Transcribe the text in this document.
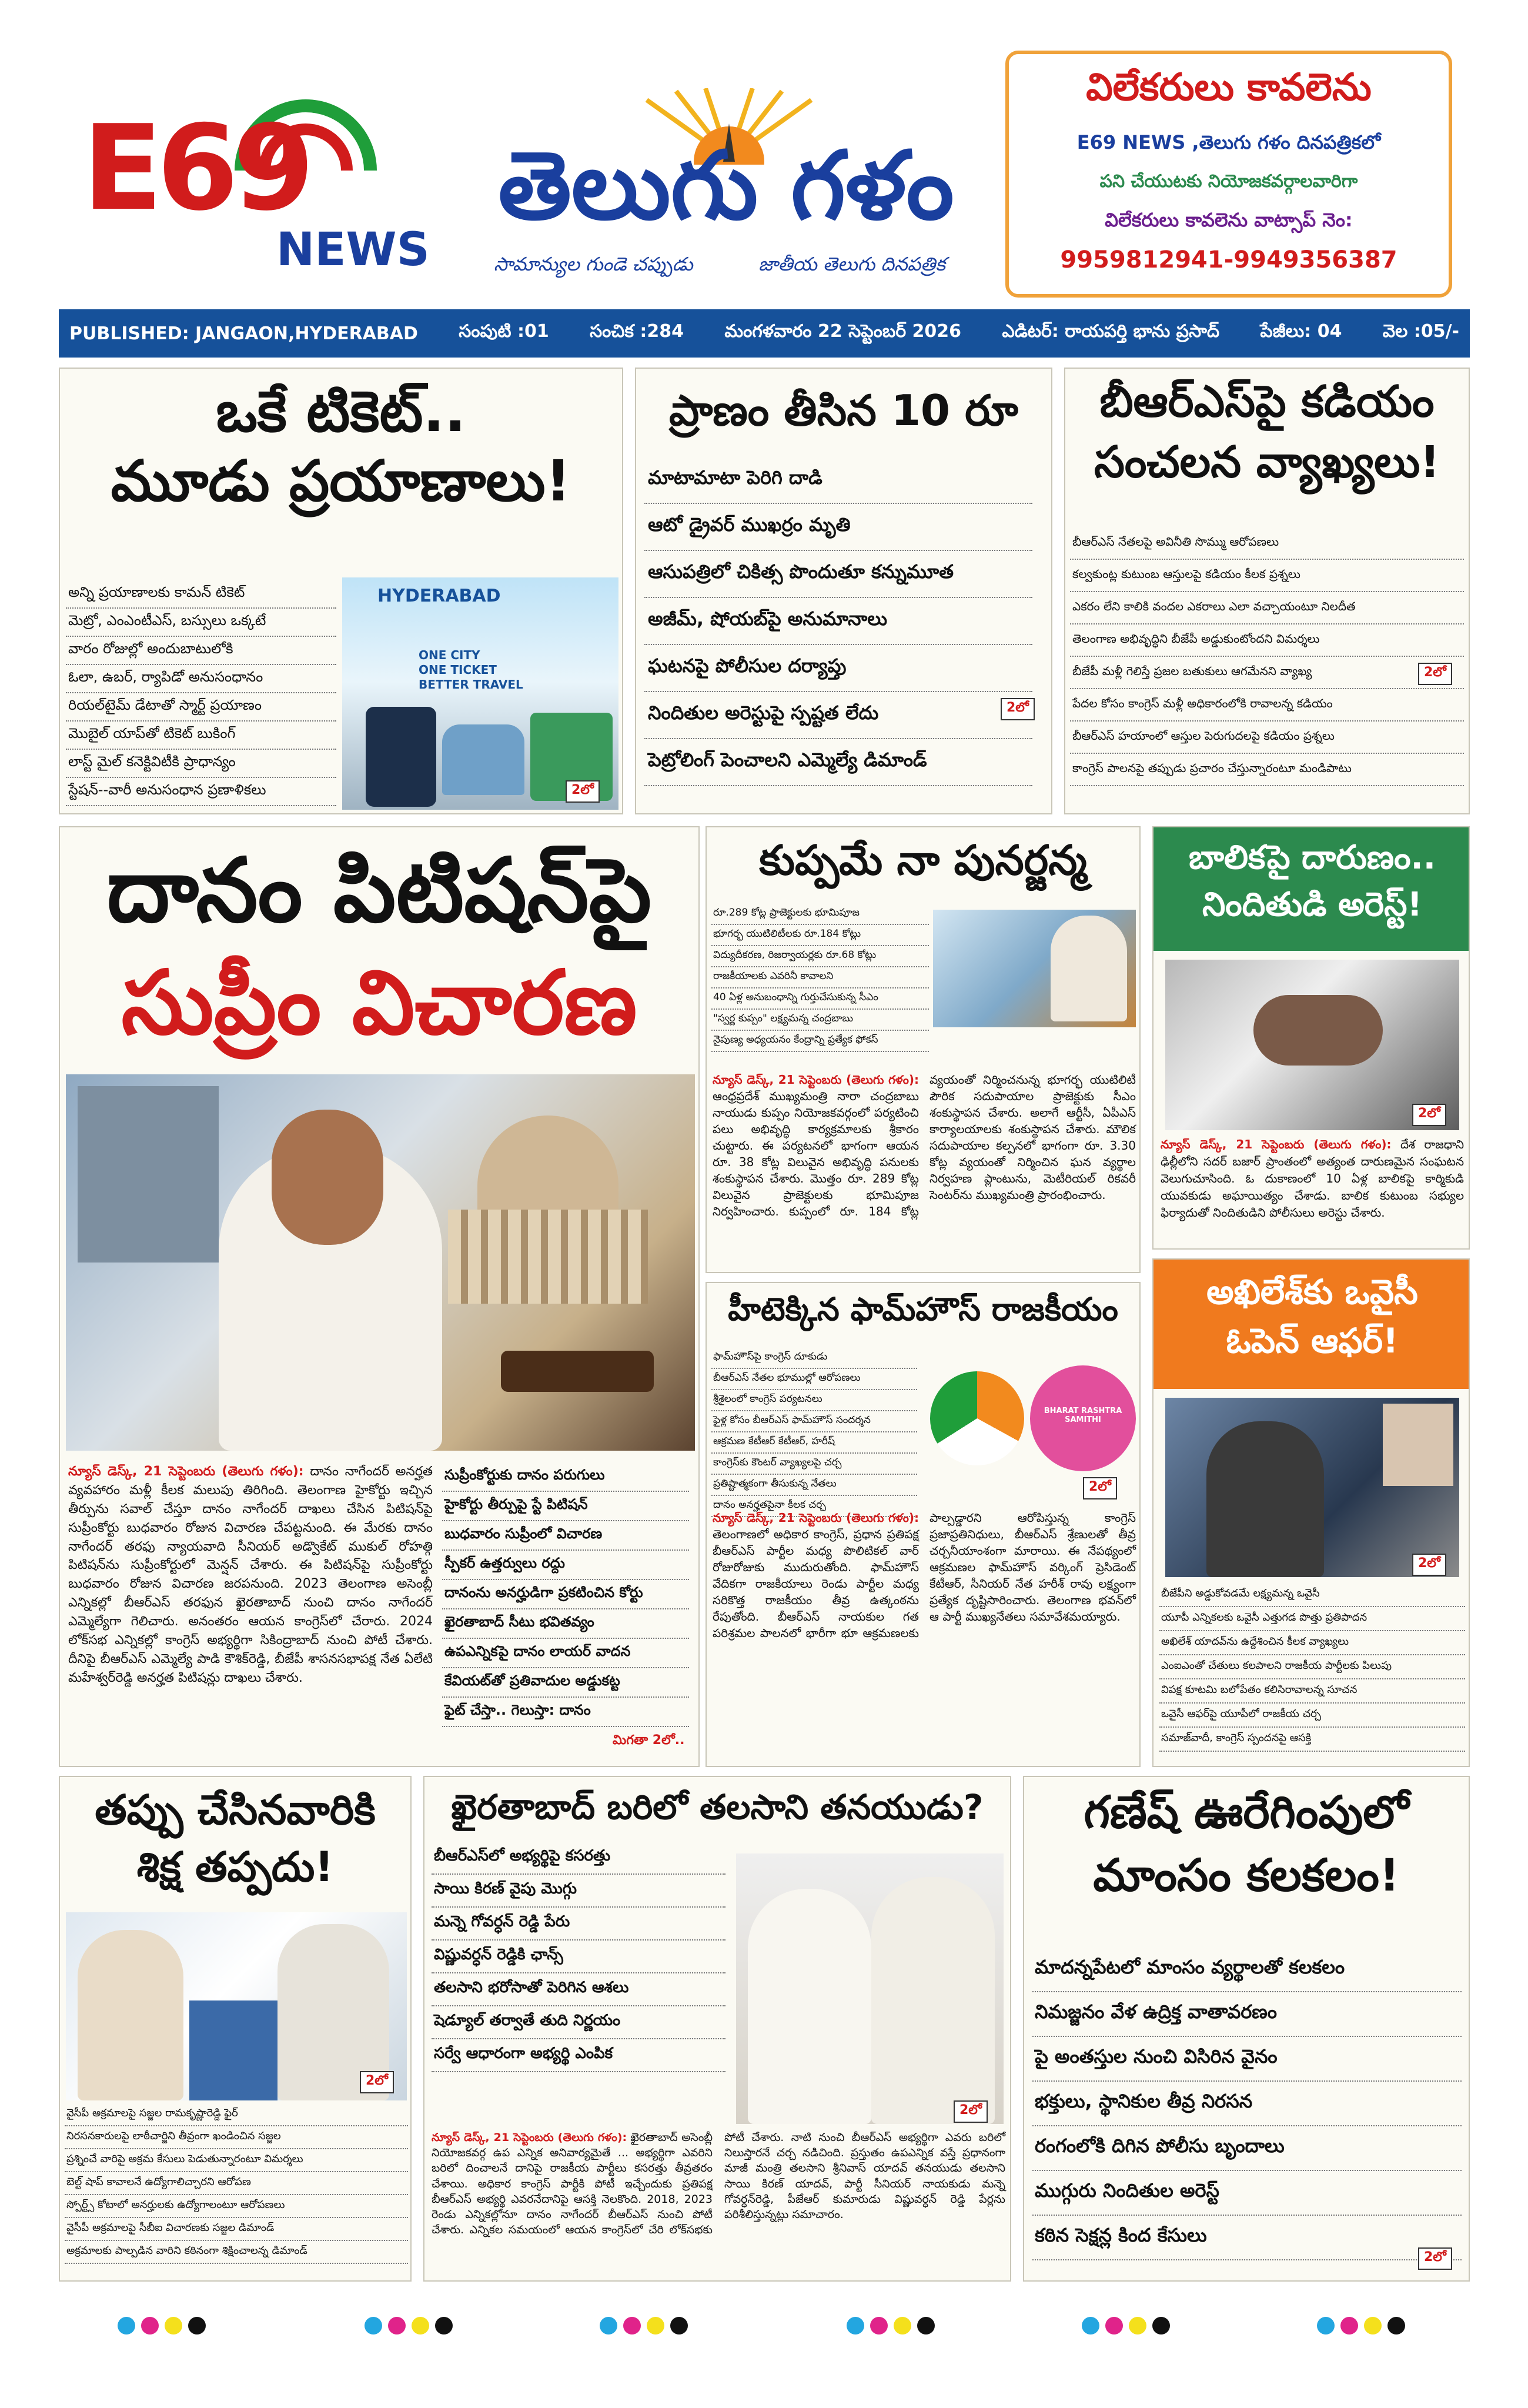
E69
NEWS
తెలుగు గళం
సామాన్యుల గుండె చప్పుడు	జాతీయ తెలుగు దినపత్రిక
విలేకరులు కావలెను
E69 NEWS ,తెలుగు గళం దినపత్రికలో
పని చేయుటకు నియోజకవర్గాలవారిగా
విలేకరులు కావలెను వాట్సాప్ నెం:
9959812941-9949356387
PUBLISHED: JANGAON,HYDERABAD సంపుటి :01 సంచిక :284 మంగళవారం 22 సెప్టెంబర్ 2026 ఎడిటర్: రాయపర్తి భాను ప్రసాద్ పేజీలు: 04 వెల :05/-
ఒకే టికెట్..
మూడు ప్రయాణాలు!
అన్ని ప్రయాణాలకు కామన్ టికెట్
మెట్రో, ఎంఎంటీఎస్, బస్సులు ఒక్కటే
వారం రోజుల్లో అందుబాటులోకి
ఓలా, ఉబర్, ర్యాపిడో అనుసంధానం
రియల్‌టైమ్ డేటాతో స్మార్ట్ ప్రయాణం
మొబైల్ యాప్‌తో టికెట్ బుకింగ్
లాస్ట్ మైల్ కనెక్టివిటీకి ప్రాధాన్యం
స్టేషన్--వారీ అనుసంధాన ప్రణాళికలు
HYDERABAD
ONE CITY
ONE TICKET
BETTER TRAVEL
2లో
ప్రాణం తీసిన 10 రూ
మాటామాటా పెరిగి దాడి
ఆటో డ్రైవర్ ముఖర్రం మృతి
ఆసుపత్రిలో చికిత్స పొందుతూ కన్నుమూత
అజీమ్, షోయబ్‌పై అనుమానాలు
ఘటనపై పోలీసుల దర్యాప్తు
నిందితుల అరెస్టుపై స్పష్టత లేదు
పెట్రోలింగ్ పెంచాలని ఎమ్మెల్యే డిమాండ్
2లో
బీఆర్ఎస్‌పై కడియం
సంచలన వ్యాఖ్యలు!
బీఆర్ఎస్ నేతలపై అవినీతి సొమ్ము ఆరోపణలు
కల్వకుంట్ల కుటుంబ ఆస్తులపై కడియం కీలక ప్రశ్నలు
ఎకరం లేని కాలికి వందల ఎకరాలు ఎలా వచ్చాయంటూ నిలదీత
తెలంగాణ అభివృద్ధిని బీజేపీ అడ్డుకుంటోందని విమర్శలు
బీజేపీ మళ్లీ గెలిస్తే ప్రజల బతుకులు ఆగమేనని వ్యాఖ్య
పేదల కోసం కాంగ్రెస్ మళ్లీ అధికారంలోకి రావాలన్న కడియం
బీఆర్ఎస్ హయాంలో ఆస్తుల పెరుగుదలపై కడియం ప్రశ్నలు
కాంగ్రెస్ పాలనపై తప్పుడు ప్రచారం చేస్తున్నారంటూ మండిపాటు
2లో
దానం పిటిషన్‌పై
సుప్రీం విచారణ

న్యూస్ డెస్క్, 21 సెప్టెంబరు (తెలుగు గళం): దానం నాగేందర్ అనర్హత వ్యవహారం మళ్లీ కీలక మలుపు తిరిగింది. తెలంగాణ హైకోర్టు ఇచ్చిన తీర్పును సవాల్ చేస్తూ దానం నాగేందర్ దాఖలు చేసిన పిటిషన్‌పై సుప్రీంకోర్టు బుధవారం రోజున విచారణ చేపట్టనుంది. ఈ మేరకు దానం నాగేందర్ తరఫు న్యాయవాది సీనియర్ అడ్వొకేట్ ముకుల్ రోహత్గి పిటిషన్‌ను సుప్రీంకోర్టులో మెన్షన్ చేశారు. ఈ పిటిషన్‌పై సుప్రీంకోర్టు బుధవారం రోజున విచారణ జరపనుంది. 2023 తెలంగాణ అసెంబ్లీ ఎన్నికల్లో బీఆర్ఎస్ తరఫున ఖైరతాబాద్ నుంచి దానం నాగేందర్ ఎమ్మెల్యేగా గెలిచారు. అనంతరం ఆయన కాంగ్రెస్‌లో చేరారు. 2024 లోక్‌సభ ఎన్నికల్లో కాంగ్రెస్ అభ్యర్థిగా సికింద్రాబాద్ నుంచి పోటీ చేశారు. దీనిపై బీఆర్ఎస్ ఎమ్మెల్యే పాడి కౌశిక్‌రెడ్డి, బీజేపీ శాసనసభాపక్ష నేత ఏలేటి మహేశ్వర్‌రెడ్డి అనర్హత పిటిషన్లు దాఖలు చేశారు.

సుప్రీంకోర్టుకు దానం పరుగులు
హైకోర్టు తీర్పుపై స్టే పిటిషన్
బుధవారం సుప్రీంలో విచారణ
స్పీకర్ ఉత్తర్వులు రద్దు
దానంను అనర్హుడిగా ప్రకటించిన కోర్టు
ఖైరతాబాద్ సీటు భవితవ్యం
ఉపఎన్నికపై దానం లాయర్ వాదన
కేవియట్‌తో ప్రతివాదుల అడ్డుకట్ట
ఫైట్ చేస్తా.. గెలుస్తా: దానం
మిగతా 2లో..
కుప్పమే నా పునర్జన్మ
రూ.289 కోట్ల ప్రాజెక్టులకు భూమిపూజ
భూగర్భ యుటిలిటీలకు రూ.184 కోట్లు
విద్యుదీకరణ, రిజర్వాయర్లకు రూ.68 కోట్లు
రాజకీయాలకు ఎవరినీ కావాలని
40 ఏళ్ల అనుబంధాన్ని గుర్తుచేసుకున్న సీఎం
"స్వర్ణ కుప్పం" లక్ష్యమన్న చంద్రబాబు
నైపుణ్య అధ్యయనం కేంద్రాన్ని ప్రత్యేక ఫోకస్

న్యూస్ డెస్క్, 21 సెప్టెంబరు (తెలుగు గళం): ఆంధ్రప్రదేశ్ ముఖ్యమంత్రి నారా చంద్రబాబు నాయుడు కుప్పం నియోజకవర్గంలో పర్యటించి పలు అభివృద్ధి కార్యక్రమాలకు శ్రీకారం చుట్టారు. ఈ పర్యటనలో భాగంగా ఆయన రూ. 38 కోట్ల విలువైన అభివృద్ధి పనులకు శంకుస్థాపన చేశారు. మొత్తం రూ. 289 కోట్ల విలువైన ప్రాజెక్టులకు భూమిపూజ నిర్వహించారు. కుప్పంలో రూ. 184 కోట్ల వ్యయంతో నిర్మించనున్న భూగర్భ యుటిలిటీ పౌరిక సదుపాయాల ప్రాజెక్టుకు సీఎం శంకుస్థాపన చేశారు. అలాగే ఆర్టీసీ, ఏపీఎస్ కార్యాలయాలకు శంకుస్థాపన చేశారు. మౌలిక సదుపాయాల కల్పనలో భాగంగా రూ. 3.30 కోట్ల వ్యయంతో నిర్మించిన ఘన వ్యర్థాల నిర్వహణ ప్లాంటును, మెటీరియల్ రికవరీ సెంటర్‌ను ముఖ్యమంత్రి ప్రారంభించారు.

బాలికపై దారుణం..
నిందితుడి అరెస్ట్!
2లో

న్యూస్ డెస్క్, 21 సెప్టెంబరు (తెలుగు గళం): దేశ రాజధాని ఢిల్లీలోని సదర్ బజార్ ప్రాంతంలో అత్యంత దారుణమైన సంఘటన వెలుగుచూసింది. ఓ దుకాణంలో 10 ఏళ్ల బాలికపై కార్మికుడి యువకుడు అఘాయిత్యం చేశాడు. బాలిక కుటుంబ సభ్యుల ఫిర్యాదుతో నిందితుడిని పోలీసులు అరెస్టు చేశారు.

హీటెక్కిన ఫామ్‌హౌస్ రాజకీయం
ఫామ్‌హౌస్‌పై కాంగ్రెస్ దూకుడు
బీఆర్ఎస్ నేతల భూముల్లో ఆరోపణలు
శ్రీశైలంలో కాంగ్రెస్ పర్యటనలు
ఫైళ్ల కోసం బీఆర్ఎస్ ఫామ్‌హౌస్ సందర్శన
ఆక్రమణ కేటీఆర్ కేటీఆర్, హరీష్
కాంగ్రెస్‌కు కౌంటర్ వ్యాఖ్యలపై చర్చ
ప్రతిష్టాత్మకంగా తీసుకున్న నేతలు
దానం అనర్హతపైనా కీలక చర్చ
BHARAT RASHTRA SAMITHI
2లో

న్యూస్ డెస్క్, 21 సెప్టెంబరు (తెలుగు గళం): తెలంగాణలో అధికార కాంగ్రెస్, ప్రధాన ప్రతిపక్ష బీఆర్ఎస్ పార్టీల మధ్య పొలిటికల్ వార్ రోజురోజుకు ముదురుతోంది. ఫామ్‌హౌస్ వేదికగా రాజకీయాలు రెండు పార్టీల మధ్య సరికొత్త రాజకీయం తీవ్ర ఉత్కంఠను రేపుతోంది. బీఆర్ఎస్ నాయకుల గత పరిశ్రమల పాలనలో భారీగా భూ ఆక్రమణలకు పాల్పడ్డారని ఆరోపిస్తున్న కాంగ్రెస్ ప్రజాప్రతినిధులు, బీఆర్ఎస్ శ్రేణులతో తీవ్ర చర్చనీయాంశంగా మారాయి. ఈ నేపథ్యంలో ఆక్రమణల ఫామ్‌హౌస్ వర్కింగ్ ప్రెసిడెంట్ కేటీఆర్, సీనియర్ నేత హరీశ్ రావు లక్ష్యంగా ప్రత్యేక దృష్టిసారించారు. తెలంగాణ భవన్‌లో ఆ పార్టీ ముఖ్యనేతలు సమావేశమయ్యారు.

అఖిలేశ్‌కు ఒవైసీ
ఓపెన్ ఆఫర్!
2లో
బీజేపీని అడ్డుకోవడమే లక్ష్యమన్న ఒవైసీ
యూపీ ఎన్నికలకు ఒవైసీ ఎత్తుగడ పొత్తు ప్రతిపాదన
అఖిలేశ్ యాదవ్‌ను ఉద్దేశించిన కీలక వ్యాఖ్యలు
ఎంఐఎంతో చేతులు కలపాలని రాజకీయ పార్టీలకు పిలుపు
విపక్ష కూటమి బలోపేతం కలిసిరావాలన్న సూచన
ఒవైసీ ఆఫర్‌పై యూపీలో రాజకీయ చర్చ
సమాజ్‌వాదీ, కాంగ్రెస్ స్పందనపై ఆసక్తి
తప్పు చేసినవారికి
శిక్ష తప్పదు!
2లో
వైసీపీ అక్రమాలపై సజ్జల రామకృష్ణారెడ్డి ఫైర్
నిరసనకారులపై లాఠీచార్జిని తీవ్రంగా ఖండించిన సజ్జల
ప్రశ్నించే వారిపై అక్రమ కేసులు పెడుతున్నారంటూ విమర్శలు
బెల్ట్ షాప్ కావాలనే ఉద్యోగాలిచ్చారని ఆరోపణ
స్పోర్ట్స్ కోటాలో అనర్హులకు ఉద్యోగాలంటూ ఆరోపణలు
వైసీపీ అక్రమాలపై సీబీఐ విచారణకు సజ్జల డిమాండ్
అక్రమాలకు పాల్పడిన వారిని కఠినంగా శిక్షించాలన్న డిమాండ్
ఖైరతాబాద్ బరిలో తలసాని తనయుడు?
బీఆర్ఎస్‌లో అభ్యర్థిపై కసరత్తు
సాయి కిరణ్ వైపు మొగ్గు
మన్నె గోవర్ధన్ రెడ్డి పేరు
విష్ణువర్ధన్ రెడ్డికి ఛాన్స్
తలసాని భరోసాతో పెరిగిన ఆశలు
షెడ్యూల్ తర్వాతే తుది నిర్ణయం
సర్వే ఆధారంగా అభ్యర్థి ఎంపిక
2లో

న్యూస్ డెస్క్, 21 సెప్టెంబరు (తెలుగు గళం): ఖైరతాబాద్ అసెంబ్లీ నియోజకవర్గ ఉప ఎన్నిక అనివార్యమైతే ... అభ్యర్థిగా ఎవరిని బరిలో దించాలనే దానిపై రాజకీయ పార్టీలు కసరత్తు తీవ్రతరం చేశాయి. అధికార కాంగ్రెస్ పార్టీకి పోటీ ఇచ్చేందుకు ప్రతిపక్ష బీఆర్ఎస్ అభ్యర్థి ఎవరనేదానిపై ఆసక్తి నెలకొంది. 2018, 2023 రెండు ఎన్నికల్లోనూ దానం నాగేందర్ బీఆర్ఎస్ నుంచి పోటీ చేశారు. ఎన్నికల సమయంలో ఆయన కాంగ్రెస్‌లో చేరి లోక్‌సభకు పోటీ చేశారు. నాటి నుంచి బీఆర్ఎస్ అభ్యర్థిగా ఎవరు బరిలో నిలుస్తారనే చర్చ నడిచింది. ప్రస్తుతం ఉపఎన్నిక వస్తే ప్రధానంగా మాజీ మంత్రి తలసాని శ్రీనివాస్ యాదవ్ తనయుడు తలసాని సాయి కిరణ్ యాదవ్, పార్టీ సీనియర్ నాయకుడు మన్నె గోవర్ధన్‌రెడ్డి, పీజేఆర్ కుమారుడు విష్ణువర్ధన్ రెడ్డి పేర్లను పరిశీలిస్తున్నట్లు సమాచారం.

గణేష్ ఊరేగింపులో
మాంసం కలకలం!
మాదన్నపేటలో మాంసం వ్యర్థాలతో కలకలం
నిమజ్జనం వేళ ఉద్రిక్త వాతావరణం
పై అంతస్తుల నుంచి విసిరిన వైనం
భక్తులు, స్థానికుల తీవ్ర నిరసన
రంగంలోకి దిగిన పోలీసు బృందాలు
ముగ్గురు నిందితుల అరెస్ట్
కఠిన సెక్షన్ల కింద కేసులు
2లో
